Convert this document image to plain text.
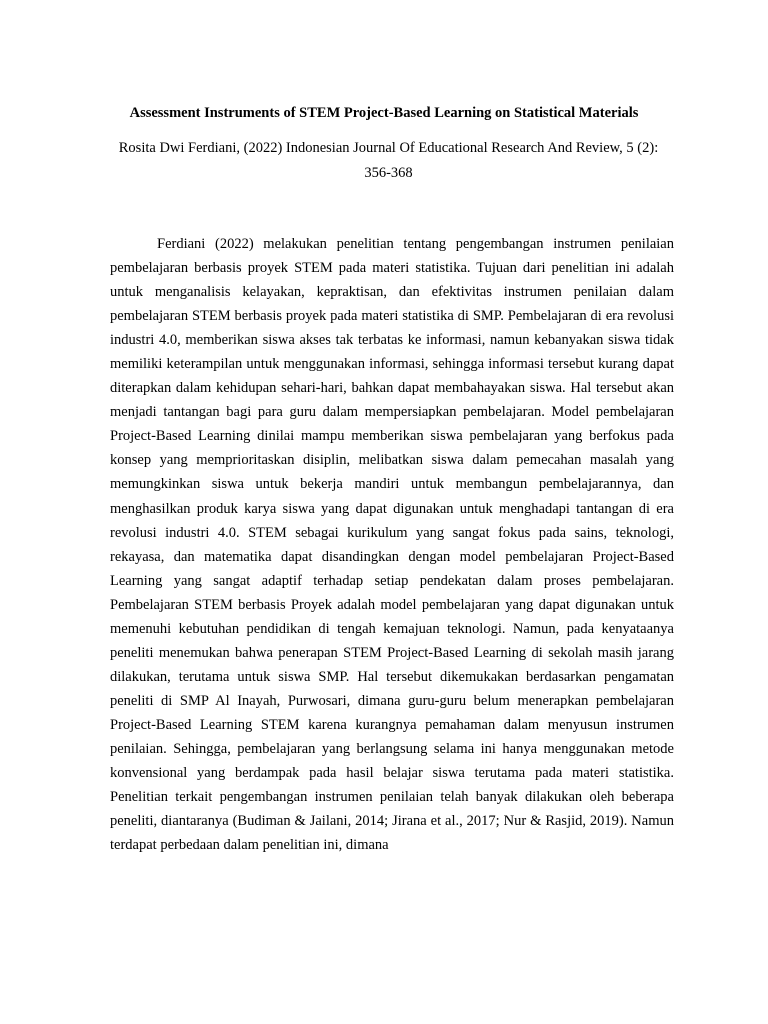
Assessment Instruments of STEM Project-Based Learning on Statistical Materials

Rosita Dwi Ferdiani, (2022) Indonesian Journal Of Educational Research And Review, 5 (2): 356-368

Ferdiani (2022) melakukan penelitian tentang pengembangan instrumen penilaian pembelajaran berbasis proyek STEM pada materi statistika. Tujuan dari penelitian ini adalah untuk menganalisis kelayakan, kepraktisan, dan efektivitas instrumen penilaian dalam pembelajaran STEM berbasis proyek pada materi statistika di SMP. Pembelajaran di era revolusi industri 4.0, memberikan siswa akses tak terbatas ke informasi, namun kebanyakan siswa tidak memiliki keterampilan untuk menggunakan informasi, sehingga informasi tersebut kurang dapat diterapkan dalam kehidupan sehari-hari, bahkan dapat membahayakan siswa. Hal tersebut akan menjadi tantangan bagi para guru dalam mempersiapkan pembelajaran. Model pembelajaran Project-Based Learning dinilai mampu memberikan siswa pembelajaran yang berfokus pada konsep yang memprioritaskan disiplin, melibatkan siswa dalam pemecahan masalah yang memungkinkan siswa untuk bekerja mandiri untuk membangun pembelajarannya, dan menghasilkan produk karya siswa yang dapat digunakan untuk menghadapi tantangan di era revolusi industri 4.0. STEM sebagai kurikulum yang sangat fokus pada sains, teknologi, rekayasa, dan matematika dapat disandingkan dengan model pembelajaran Project-Based Learning yang sangat adaptif terhadap setiap pendekatan dalam proses pembelajaran. Pembelajaran STEM berbasis Proyek adalah model pembelajaran yang dapat digunakan untuk memenuhi kebutuhan pendidikan di tengah kemajuan teknologi. Namun, pada kenyataanya peneliti menemukan bahwa penerapan STEM Project-Based Learning di sekolah masih jarang dilakukan, terutama untuk siswa SMP. Hal tersebut dikemukakan berdasarkan pengamatan peneliti di SMP Al Inayah, Purwosari, dimana guru-guru belum menerapkan pembelajaran Project-Based Learning STEM karena kurangnya pemahaman dalam menyusun instrumen penilaian. Sehingga, pembelajaran yang berlangsung selama ini hanya menggunakan metode konvensional yang berdampak pada hasil belajar siswa terutama pada materi statistika. Penelitian terkait pengembangan instrumen penilaian telah banyak dilakukan oleh beberapa peneliti, diantaranya (Budiman & Jailani, 2014; Jirana et al., 2017; Nur & Rasjid, 2019). Namun terdapat perbedaan dalam penelitian ini, dimana
